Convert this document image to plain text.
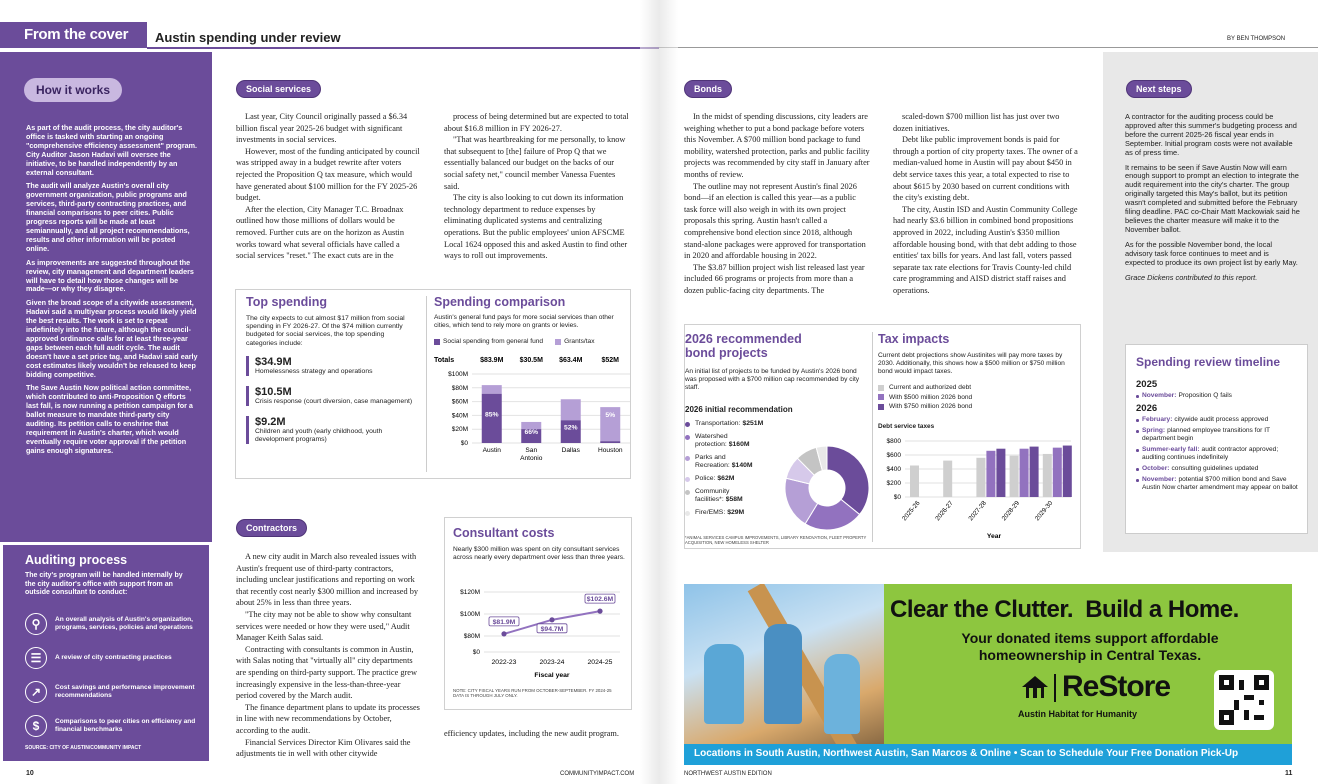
From the cover Austin spending under review
How it works

As part of the audit process, the city auditor's office is tasked with starting an ongoing "comprehensive efficiency assessment" program. City Auditor Jason Hadavi will oversee the initiative, to be handled independently by an external consultant.

The audit will analyze Austin's overall city government organization, public programs and services, third-party contracting practices, and financial comparisons to peer cities. Public progress reports will be made at least semiannually, and all project recommendations, results and other information will be posted online.

As improvements are suggested throughout the review, city management and department leaders will have to detail how those changes will be made—or why they disagree.

Given the broad scope of a citywide assessment, Hadavi said a multiyear process would likely yield the best results. The work is set to repeat indefinitely into the future, although the council-approved ordinance calls for at least three-year gaps between each full audit cycle. The audit doesn't have a set price tag, and Hadavi said early cost estimates likely wouldn't be released to keep bidding competitive.

The Save Austin Now political action committee, which contributed to anti-Proposition Q efforts last fall, is now running a petition campaign for a ballot measure to mandate third-party city auditing. Its petition calls to enshrine that requirement in Austin's charter, which would eventually require voter approval if the petition gains enough signatures.

Auditing process
The city's program will be handled internally by the city auditor's office with support from an outside consultant to conduct:
⚲	An overall analysis of Austin's organization, programs, services, policies and operations
☰	A review of city contracting practices
↗	Cost savings and performance improvement recommendations
$	Comparisons to peer cities on efficiency and financial benchmarks
SOURCE: CITY OF AUSTIN/COMMUNITY IMPACT
Social services

Last year, City Council originally passed a $6.34 billion fiscal year 2025-26 budget with significant investments in social services.

However, most of the funding anticipated by council was stripped away in a budget rewrite after voters rejected the Proposition Q tax measure, which would have generated about $100 million for the FY 2025-26 budget.

After the election, City Manager T.C. Broadnax outlined how those millions of dollars would be removed. Further cuts are on the horizon as Austin works toward what several officials have called a social services "reset." The exact cuts are in the

process of being determined but are expected to total about $16.8 million in FY 2026-27.

"That was heartbreaking for me personally, to know that subsequent to [the] failure of Prop Q that we essentially balanced our budget on the backs of our social safety net," council member Vanessa Fuentes said.

The city is also looking to cut down its information technology department to reduce expenses by eliminating duplicated systems and centralizing operations. But the public employees' union AFSCME Local 1624 opposed this and asked Austin to find other ways to roll out improvements.

Top spending
The city expects to cut almost $17 million from social spending in FY 2026-27. Of the $74 million currently budgeted for social services, the top spending categories include:
$34.9M
Homelessness strategy and operations
$10.5M
Crisis response (court diversion, case management)
$9.2M
Children and youth (early childhood, youth development programs)
Spending comparison
Austin's general fund pays for more social services than other cities, which tend to rely more on grants or levies.
Totals
$0
$20M
$40M
$60M
$80M
$100M
85%
$83.9M
Austin
66%
$30.5M
San
Antonio
52%
$63.4M
Dallas
5%
$52M
Houston
Contractors

A new city audit in March also revealed issues with Austin's frequent use of third-party contractors, including unclear justifications and reporting on work that recently cost nearly $300 million and increased by about 25% in less than three years.

"The city may not be able to show why consultant services were needed or how they were used," Audit Manager Keith Salas said.

Contracting with consultants is common in Austin, with Salas noting that "virtually all" city departments are spending on third-party support. The practice grew increasingly expensive in the less-than-three-year period covered by the March audit.

The finance department plans to update its processes in line with new recommendations by October, according to the audit.

Financial Services Director Kim Olivares said the adjustments tie in well with other citywide

Consultant costs
Nearly $300 million was spent on city consultant services across nearly every department over less than three years.
$0
$80M
$100M
$120M
$81.9M
2022-23
$94.7M
2023-24
$102.6M
2024-25
Fiscal year
NOTE: CITY FISCAL YEARS RUN FROM OCTOBER-SEPTEMBER. FY 2024-25 DATA IS THROUGH JULY ONLY.
efficiency updates, including the new audit program.
10	COMMUNITYIMPACT.COM
Social spending from general fund	Grants/tax
BY BEN THOMPSON
Bonds

In the midst of spending discussions, city leaders are weighing whether to put a bond package before voters this November. A $700 million bond package to fund mobility, watershed protection, parks and public facility projects was recommended by city staff in January after months of review.

The outline may not represent Austin's final 2026 bond—if an election is called this year—as a public task force will also weigh in with its own project proposals this spring. Austin hasn't called a comprehensive bond election since 2018, although stand-alone packages were approved for transportation in 2020 and affordable housing in 2022.

The $3.87 billion project wish list released last year included 66 programs or projects from more than a dozen public-facing city departments. The

scaled-down $700 million list has just over two dozen initiatives.

Debt like public improvement bonds is paid for through a portion of city property taxes. The owner of a median-valued home in Austin will pay about $450 in debt service taxes this year, a total expected to rise to about $615 by 2030 based on current conditions with the city's existing debt.

The city, Austin ISD and Austin Community College had nearly $3.6 billion in combined bond propositions approved in 2022, including Austin's $350 million affordable housing bond, with that debt adding to those entities' tax bills for years. And last fall, voters passed separate tax rate elections for Travis County-led child care programming and AISD district staff raises and operations.

Next steps

A contractor for the auditing process could be approved after this summer's budgeting process and before the current 2025-26 fiscal year ends in September. Initial program costs were not available as of press time.

It remains to be seen if Save Austin Now will earn enough support to prompt an election to integrate the audit requirement into the city's charter. The group originally targeted this May's ballot, but its petition wasn't completed and submitted before the February filing deadline. PAC co-Chair Matt Mackowiak said he believes the charter measure will make it to the November ballot.

As for the possible November bond, the local advisory task force continues to meet and is expected to produce its own project list by early May.

Grace Dickens contributed to this report.

Spending review timeline
2025
November: Proposition Q fails
2026
February: citywide audit process approved
Spring: planned employee transitions for IT department begin
Summer-early fall: audit contractor approved; auditing continues indefinitely
October: consulting guidelines updated
November: potential $700 million bond and Save Austin Now charter amendment may appear on ballot
2026 recommended bond projects
An initial list of projects to be funded by Austin's 2026 bond was proposed with a $700 million cap recommended by city staff.
2026 initial recommendation
Transportation: $251M
Watershed protection: $160M
Parks and Recreation: $140M
Police: $62M
Community facilities*: $58M
Fire/EMS: $29M
*ANIMAL SERVICES CAMPUS IMPROVEMENTS, LIBRARY RENOVATION, FLEET PROPERTY ACQUISITION, NEW HOMELESS SHELTER
Tax impacts
Current debt projections show Austinites will pay more taxes by 2030. Additionally, this shows how a $500 million or $750 million bond would impact taxes.
Current and authorized debt
With $500 million 2026 bond
With $750 million 2026 bond
Debt service taxes
$0
$200
$400
$600
$800
2025-26 2026-27 2027-28 2028-29 2029-30
Year
Clear the Clutter. Build a Home.
Your donated items support affordable homeownership in Central Texas.
ReStore
Austin Habitat for Humanity
Locations in South Austin, Northwest Austin, San Marcos & Online • Scan to Schedule Your Free Donation Pick-Up
NORTHWEST AUSTIN EDITION	11
